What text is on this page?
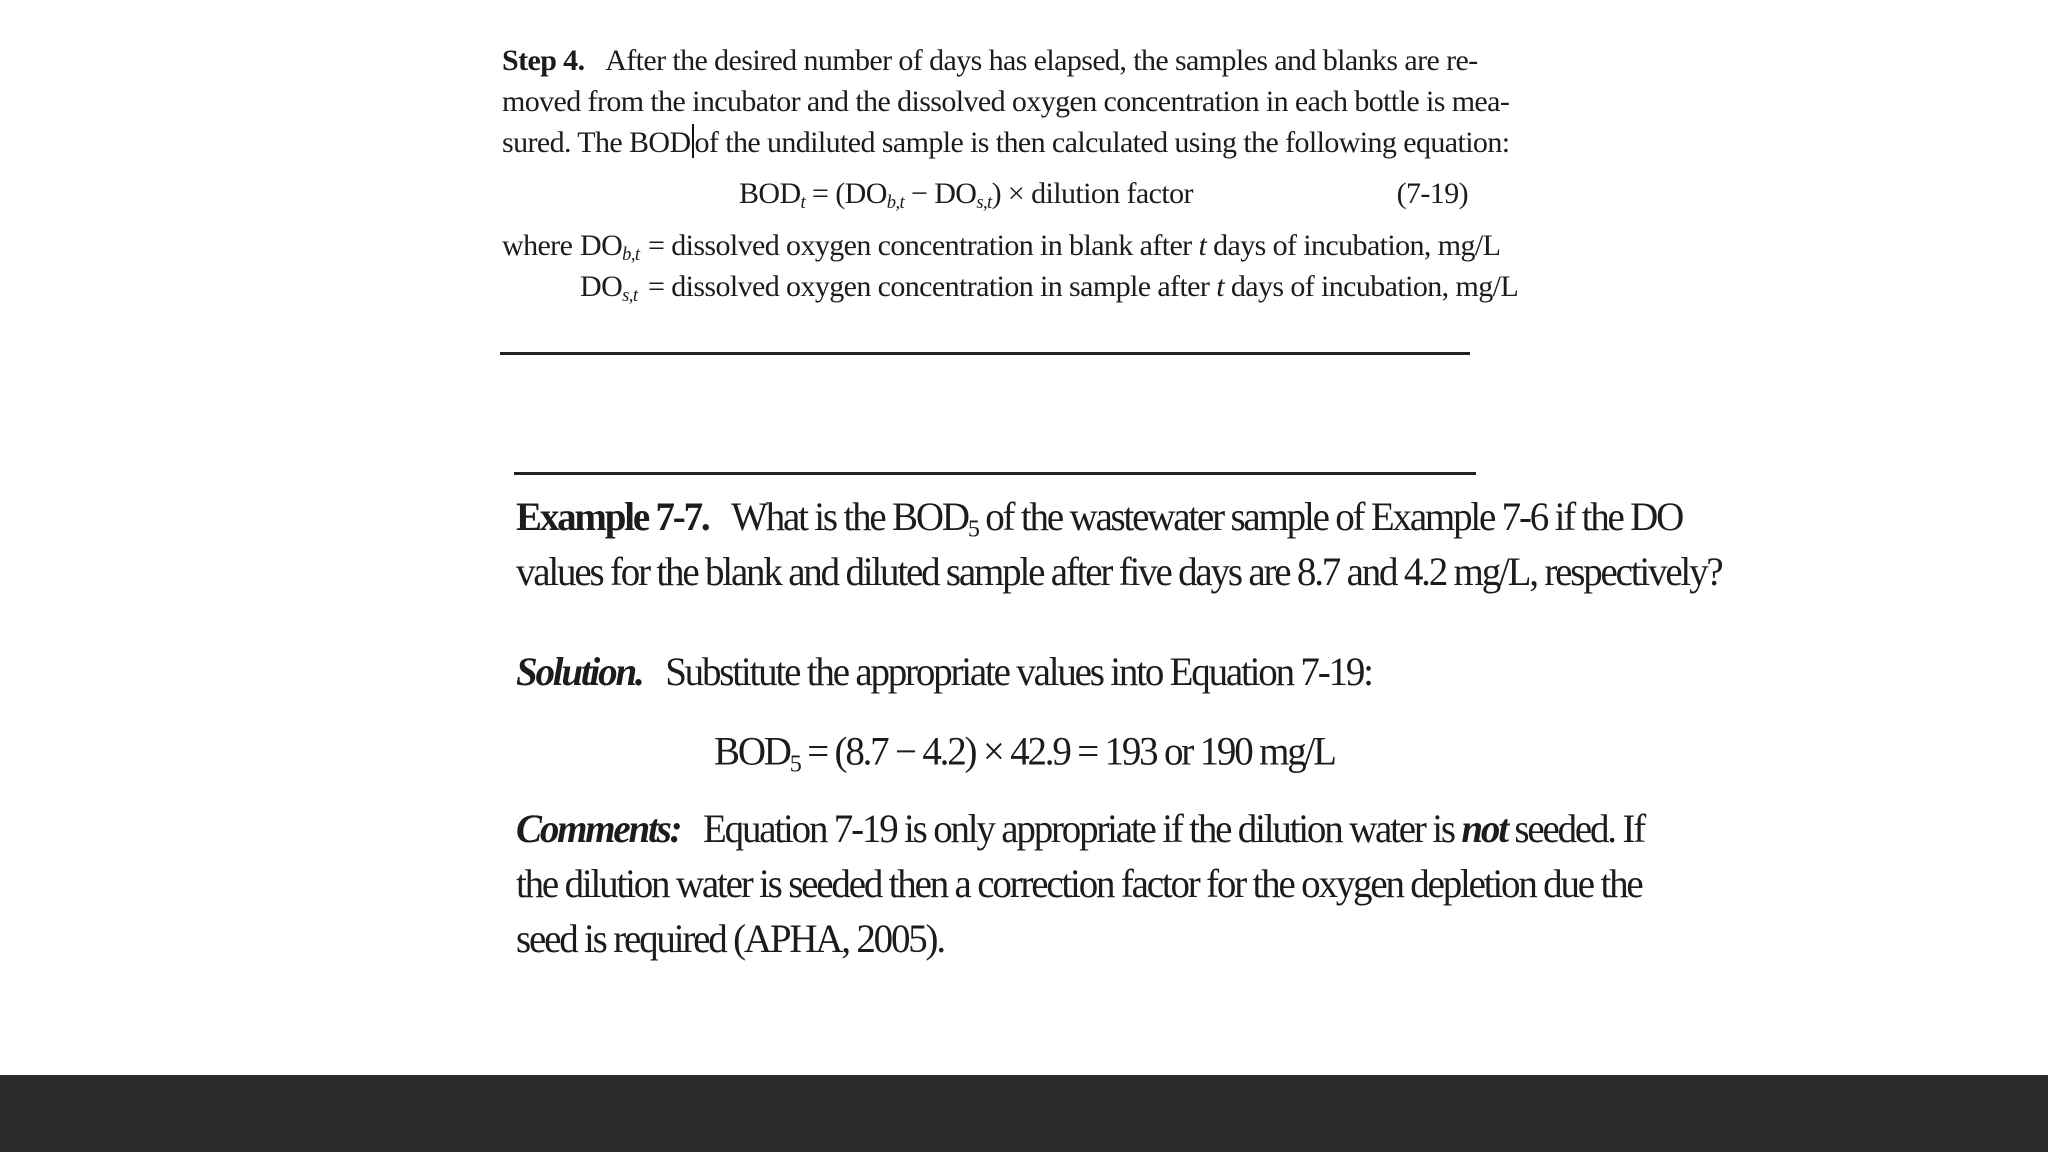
Step 4. After the desired number of days has elapsed, the samples and blanks are re-
moved from the incubator and the dissolved oxygen concentration in each bottle is mea-
sured. The BOD of the undiluted sample is then calculated using the following equation:

$BOD_t = (DO_{b,t} - DO_{s,t})$ × dilution factor	(7-19)
where $DO_{b,t}$ = dissolved oxygen concentration in blank after t days of incubation, mg/L
$DO_{s,t}$ = dissolved oxygen concentration in sample after t days of incubation, mg/L

Example 7-7. What is the $BOD_5$ of the wastewater sample of Example 7-6 if the DO
values for the blank and diluted sample after five days are 8.7 and 4.2 mg/L, respectively?

Solution. Substitute the appropriate values into Equation 7-19:

$BOD_5 = (8.7 - 4.2) \times 42.9 = 193$ or 190 mg/L

Comments: Equation 7-19 is only appropriate if the dilution water is not seeded. If
the dilution water is seeded then a correction factor for the oxygen depletion due the
seed is required (APHA, 2005).
